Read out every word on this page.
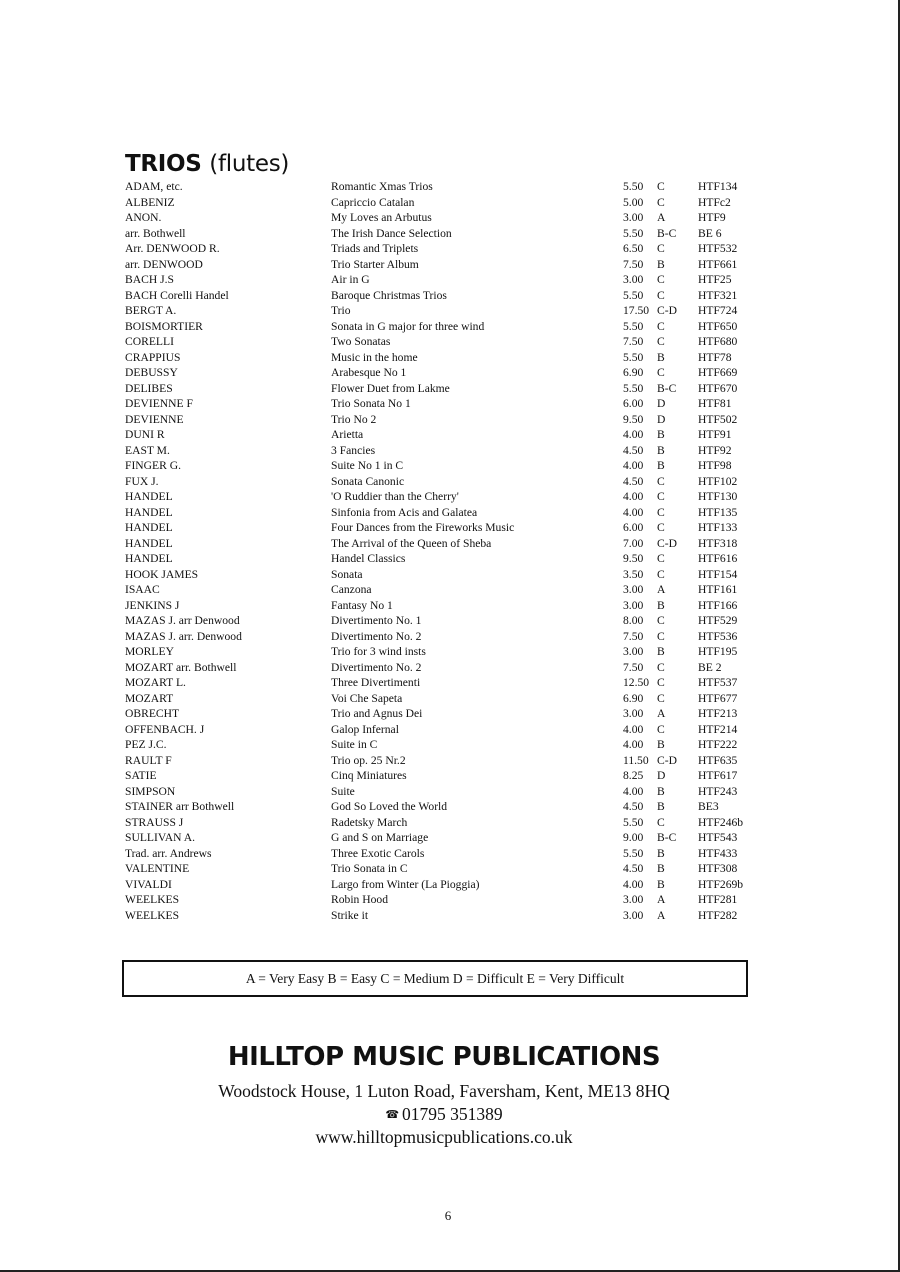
TRIOS (flutes)
ADAM, etc.	Romantic Xmas Trios	5.50 C	HTF134
ALBENIZ	Capriccio Catalan	5.00 C	HTFc2
ANON.	My Loves an Arbutus	3.00 A	HTF9
arr. Bothwell	The Irish Dance Selection	5.50 B-C BE 6
Arr. DENWOOD R.	Triads and Triplets	6.50 C	HTF532
arr. DENWOOD	Trio Starter Album	7.50 B	HTF661
BACH J.S	Air in G	3.00 C	HTF25
BACH Corelli Handel	Baroque Christmas Trios	5.50 C	HTF321
BERGT A.	Trio	17.50 C-D HTF724
BOISMORTIER	Sonata in G major for three wind	5.50 C	HTF650
CORELLI	Two Sonatas	7.50 C	HTF680
CRAPPIUS	Music in the home	5.50 B	HTF78
DEBUSSY	Arabesque No 1	6.90 C	HTF669
DELIBES	Flower Duet from Lakme	5.50 B-C HTF670
DEVIENNE F	Trio Sonata No 1	6.00 D	HTF81
DEVIENNE	Trio No 2	9.50 D	HTF502
DUNI R	Arietta	4.00 B	HTF91
EAST M.	3 Fancies	4.50 B	HTF92
FINGER G.	Suite No 1 in C	4.00 B	HTF98
FUX J.	Sonata Canonic	4.50 C	HTF102
HANDEL	'O Ruddier than the Cherry'	4.00 C	HTF130
HANDEL	Sinfonia from Acis and Galatea	4.00 C	HTF135
HANDEL	Four Dances from the Fireworks Music	6.00 C	HTF133
HANDEL	The Arrival of the Queen of Sheba	7.00 C-D HTF318
HANDEL	Handel Classics	9.50 C	HTF616
HOOK JAMES	Sonata	3.50 C	HTF154
ISAAC	Canzona	3.00 A	HTF161
JENKINS J	Fantasy No 1	3.00 B	HTF166
MAZAS J. arr Denwood	Divertimento No. 1	8.00 C	HTF529
MAZAS J. arr. Denwood	Divertimento No. 2	7.50 C	HTF536
MORLEY	Trio for 3 wind insts	3.00 B	HTF195
MOZART arr. Bothwell	Divertimento No. 2	7.50 C	BE 2
MOZART L.	Three Divertimenti	12.50 C	HTF537
MOZART	Voi Che Sapeta	6.90 C	HTF677
OBRECHT	Trio and Agnus Dei	3.00 A	HTF213
OFFENBACH. J	Galop Infernal	4.00 C	HTF214
PEZ J.C.	Suite in C	4.00 B	HTF222
RAULT F	Trio op. 25 Nr.2	11.50 C-D HTF635
SATIE	Cinq Miniatures	8.25 D	HTF617
SIMPSON	Suite	4.00 B	HTF243
STAINER arr Bothwell	God So Loved the World	4.50 B	BE3
STRAUSS J	Radetsky March	5.50 C	HTF246b
SULLIVAN A.	G and S on Marriage	9.00 B-C HTF543
Trad. arr. Andrews	Three Exotic Carols	5.50 B	HTF433
VALENTINE	Trio Sonata in C	4.50 B	HTF308
VIVALDI	Largo from Winter (La Pioggia)	4.00 B	HTF269b
WEELKES	Robin Hood	3.00 A	HTF281
WEELKES	Strike it	3.00 A	HTF282
A = Very Easy B = Easy C = Medium D = Difficult E = Very Difficult
HILLTOP MUSIC PUBLICATIONS
Woodstock House, 1 Luton Road, Faversham, Kent, ME13 8HQ
☎ 01795 351389
www.hilltopmusicpublications.co.uk
6
